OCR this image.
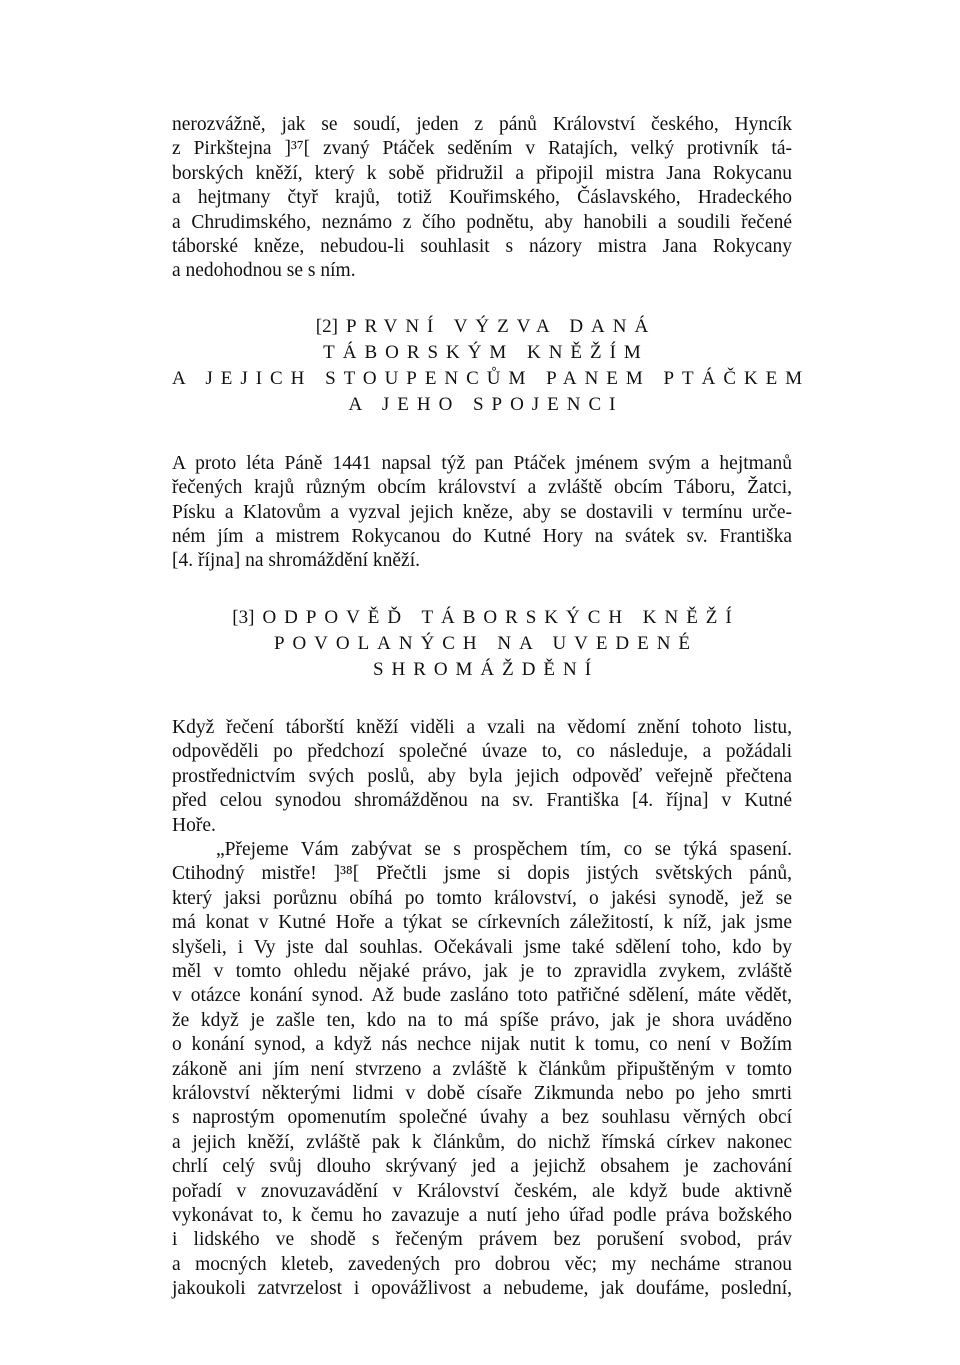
nerozvážně, jak se soudí, jeden z pánů Království českého, Hyncík
z Pirkštejna ]³⁷[ zvaný Ptáček seděním v Ratajích, velký protivník tá-
borských kněží, který k sobě přidružil a připojil mistra Jana Rokycanu
a hejtmany čtyř krajů, totiž Kouřimského, Čáslavského, Hradeckého
a Chrudimského, neznámo z čího podnětu, aby hanobili a soudili řečené
táborské kněze, nebudou-li souhlasit s názory mistra Jana Rokycany
a nedohodnou se s ním.
[2] PRVNÍ VÝZVA DANÁ
TÁBORSKÝM KNĚŽÍM
A JEJICH STOUPENCŮM PANEM PTÁČKEM
A JEHO SPOJENCI
A proto léta Páně 1441 napsal týž pan Ptáček jménem svým a hejtmanů
řečených krajů různým obcím království a zvláště obcím Táboru, Žatci,
Písku a Klatovům a vyzval jejich kněze, aby se dostavili v termínu urče-
ném jím a mistrem Rokycanou do Kutné Hory na svátek sv. Františka
[4. října] na shromáždění kněží.
[3] ODPOVĚĎ TÁBORSKÝCH KNĚŽÍ
POVOLANÝCH NA UVEDENÉ
SHROMÁŽDĚNÍ
Když řečení táborští kněží viděli a vzali na vědomí znění tohoto listu,
odpověděli po předchozí společné úvaze to, co následuje, a požádali
prostřednictvím svých poslů, aby byla jejich odpověď veřejně přečtena
před celou synodou shromážděnou na sv. Františka [4. října] v Kutné
Hoře.
„Přejeme Vám zabývat se s prospěchem tím, co se týká spasení.
Ctihodný mistře! ]³⁸[ Přečtli jsme si dopis jistých světských pánů,
který jaksi porůznu obíhá po tomto království, o jakési synodě, jež se
má konat v Kutné Hoře a týkat se církevních záležitostí, k níž, jak jsme
slyšeli, i Vy jste dal souhlas. Očekávali jsme také sdělení toho, kdo by
měl v tomto ohledu nějaké právo, jak je to zpravidla zvykem, zvláště
v otázce konání synod. Až bude zasláno toto patřičné sdělení, máte vědět,
že když je zašle ten, kdo na to má spíše právo, jak je shora uváděno
o konání synod, a když nás nechce nijak nutit k tomu, co není v Božím
zákoně ani jím není stvrzeno a zvláště k článkům připuštěným v tomto
království některými lidmi v době císaře Zikmunda nebo po jeho smrti
s naprostým opomenutím společné úvahy a bez souhlasu věrných obcí
a jejich kněží, zvláště pak k článkům, do nichž římská církev nakonec
chrlí celý svůj dlouho skrývaný jed a jejichž obsahem je zachování
pořadí v znovuzavádění v Království českém, ale když bude aktivně
vykonávat to, k čemu ho zavazuje a nutí jeho úřad podle práva božského
i lidského ve shodě s řečeným právem bez porušení svobod, práv
a mocných kleteb, zavedených pro dobrou věc; my necháme stranou
jakoukoli zatvrzelost i opovážlivost a nebudeme, jak doufáme, poslední,
